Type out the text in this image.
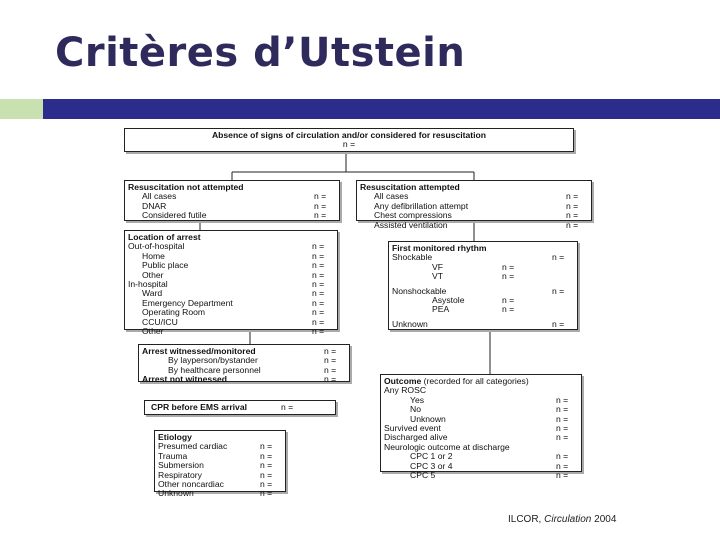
Critères d’Utstein
Absence of signs of circulation and/or considered for resuscitation
n =
Resuscitation not attempted
All cases	n =
DNAR	n =
Considered futile	n =
Resuscitation attempted
All cases	n =
Any defibrillation attempt	n =
Chest compressions	n =
Assisted ventilation	n =
Location of arrest
Out-of-hospital	n =
Home	n =
Public place	n =
Other	n =
In-hospital	n =
Ward	n =
Emergency Department	n =
Operating Room	n =
CCU/ICU	n =
Other	n =
First monitored rhythm
Shockable	n =
VF	n =
VT	n =
Nonshockable	n =
Asystole	n =
PEA	n =
Unknown	n =
Arrest witnessed/monitored	n =
By layperson/bystander	n =
By healthcare personnel	n =
Arrest not witnessed	n =
CPR before EMS arrival	n =
Etiology
Presumed cardiac	n =
Trauma	n =
Submersion	n =
Respiratory	n =
Other noncardiac	n =
Unknown	n =
Outcome (recorded for all categories)
Any ROSC
Yes	n =
No	n =
Unknown	n =
Survived event	n =
Discharged alive	n =
Neurologic outcome at discharge
CPC 1 or 2	n =
CPC 3 or 4	n =
CPC 5	n =
ILCOR, Circulation 2004
